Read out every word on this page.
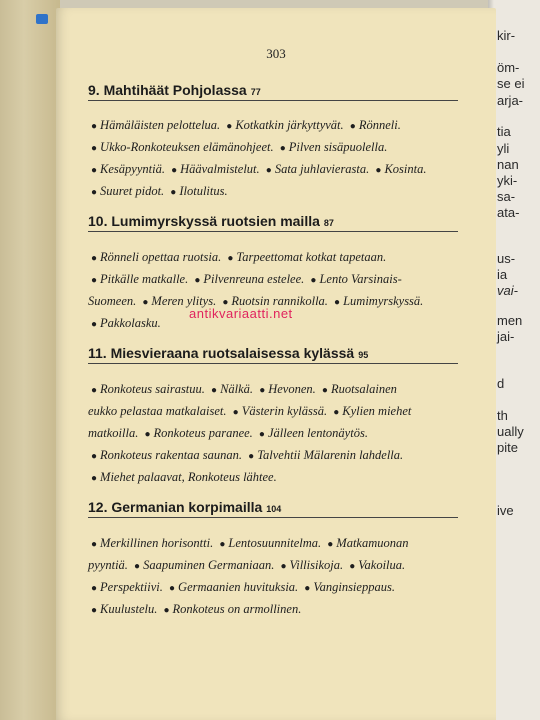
kir-
öm-
se ei
arja-
tia
yli
nan
yki-
sa-
ata-
us-
ia
vai-
men
jai-
d
th
ually
pite
ive
303
9. Mahtihäät Pohjolassa 77
● Hämäläisten pelottelua. ● Kotkatkin järkyttyvät. ● Rönneli. ● Ukko-Ronkoteuksen elämänohjeet. ● Pilven sisäpuolella. ● Kesäpyyntiä. ● Häävalmistelut. ● Sata juhlavierasta. ● Kosinta. ● Suuret pidot. ● Ilotulitus.
10. Lumimyrskyssä ruotsien mailla 87
● Rönneli opettaa ruotsia. ● Tarpeettomat kotkat tapetaan. ● Pitkälle matkalle. ● Pilvenreuna estelee. ● Lento Varsinais-Suomeen. ● Meren ylitys. ● Ruotsin rannikolla. ● Lumimyrskyssä. ● Pakkolasku.
11. Miesvieraana ruotsalaisessa kylässä 95
● Ronkoteus sairastuu. ● Nälkä. ● Hevonen. ● Ruotsalainen eukko pelastaa matkalaiset. ● Västerin kylässä. ● Kylien miehet matkoilla. ● Ronkoteus paranee. ● Jälleen lentonäytös. ● Ronkoteus rakentaa saunan. ● Talvehtii Mälarenin lahdella. ● Miehet palaavat, Ronkoteus lähtee.
12. Germanian korpimailla 104
● Merkillinen horisontti. ● Lentosuunnitelma. ● Matkamuonan pyyntiä. ● Saapuminen Germaniaan. ● Villisikoja. ● Vakoilua. ● Perspektiivi. ● Germaanien huvituksia. ● Vanginsieppaus. ● Kuulustelu. ● Ronkoteus on armollinen.
antikvariaatti.net
